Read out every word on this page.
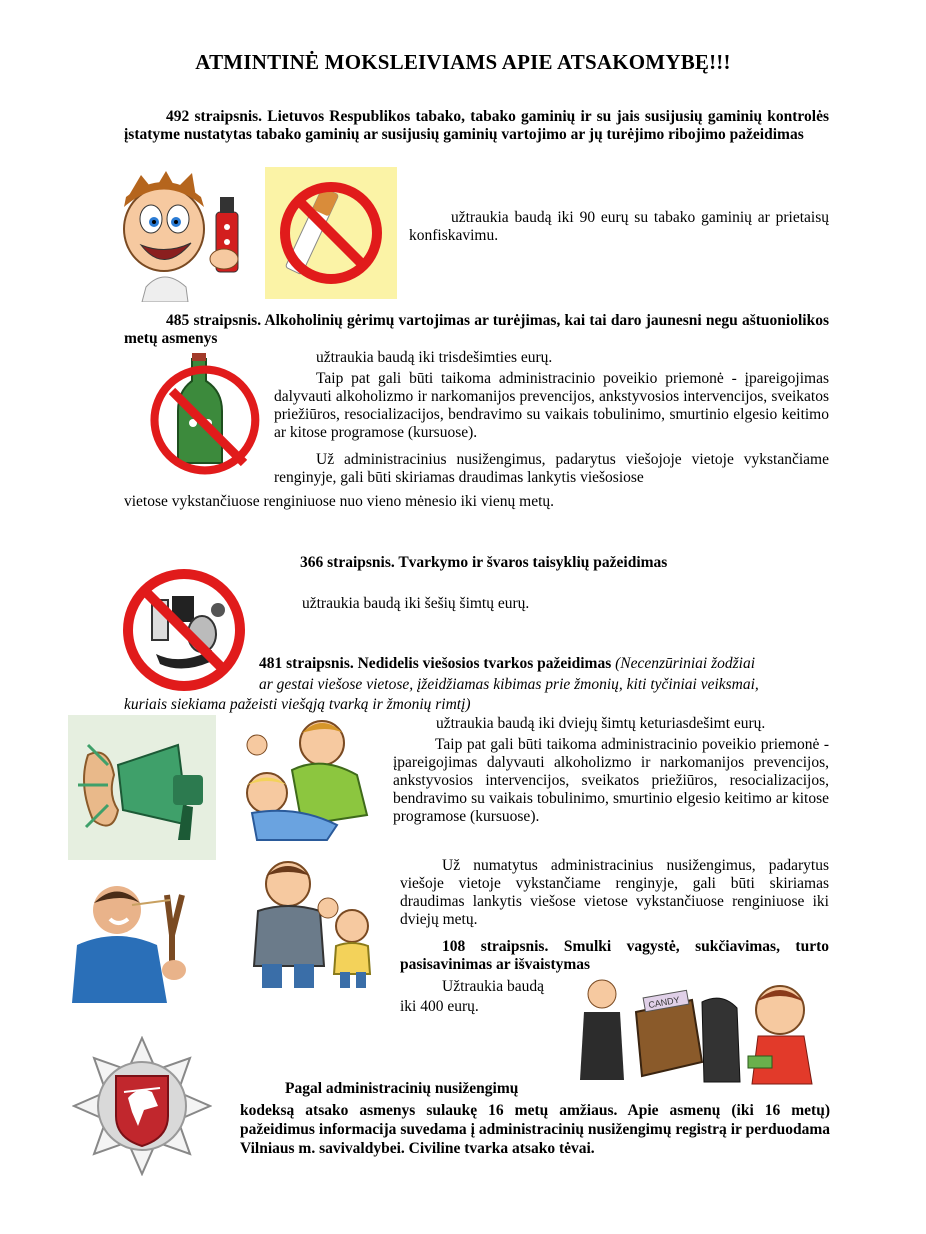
ATMINTINĖ MOKSLEIVIAMS APIE ATSAKOMYBĘ!!!
492 straipsnis. Lietuvos Respublikos tabako, tabako gaminių ir su jais susijusių gaminių kontrolės įstatyme nustatytas tabako gaminių ar susijusių gaminių vartojimo ar jų turėjimo ribojimo pažeidimas
užtraukia baudą iki 90 eurų su tabako gaminių ar prietaisų konfiskavimu.
485 straipsnis. Alkoholinių gėrimų vartojimas ar turėjimas, kai tai daro jaunesni negu aštuoniolikos metų asmenys
užtraukia baudą iki trisdešimties eurų.
Taip pat gali būti taikoma administracinio poveikio priemonė - įpareigojimas dalyvauti alkoholizmo ir narkomanijos prevencijos, ankstyvosios intervencijos, sveikatos priežiūros, resocializacijos, bendravimo su vaikais tobulinimo, smurtinio elgesio keitimo ar kitose programose (kursuose).
Už administracinius nusižengimus, padarytus viešojoje vietoje vykstančiame renginyje, gali būti skiriamas draudimas lankytis viešosiose
vietose vykstančiuose renginiuose nuo vieno mėnesio iki vienų metų.
366 straipsnis. Tvarkymo ir švaros taisyklių pažeidimas
užtraukia baudą iki šešių šimtų eurų.
481 straipsnis. Nedidelis viešosios tvarkos pažeidimas (Necenzūriniai žodžiai
ar gestai viešose vietose, įžeidžiamas kibimas prie žmonių, kiti tyčiniai veiksmai,
kuriais siekiama pažeisti viešąją tvarką ir žmonių rimtį)
užtraukia baudą iki dviejų šimtų keturiasdešimt eurų.
Taip pat gali būti taikoma administracinio poveikio priemonė - įpareigojimas dalyvauti alkoholizmo ir narkomanijos prevencijos, ankstyvosios intervencijos, sveikatos priežiūros, resocializacijos, bendravimo su vaikais tobulinimo, smurtinio elgesio keitimo ar kitose programose (kursuose).
Už numatytus administracinius nusižengimus, padarytus viešoje vietoje vykstančiame renginyje, gali būti skiriamas draudimas lankytis viešose vietose vykstančiuose renginiuose iki dviejų metų.
108 straipsnis. Smulki vagystė, sukčiavimas, turto pasisavinimas ar išvaistymas
Užtraukia baudą
iki 400 eurų.	CANDY
Pagal administracinių nusižengimų
kodeksą atsako asmenys sulaukę 16 metų amžiaus. Apie asmenų (iki 16 metų) pažeidimus informacija suvedama į administracinių nusižengimų registrą ir perduodama Vilniaus m. savivaldybei. Civiline tvarka atsako tėvai.
